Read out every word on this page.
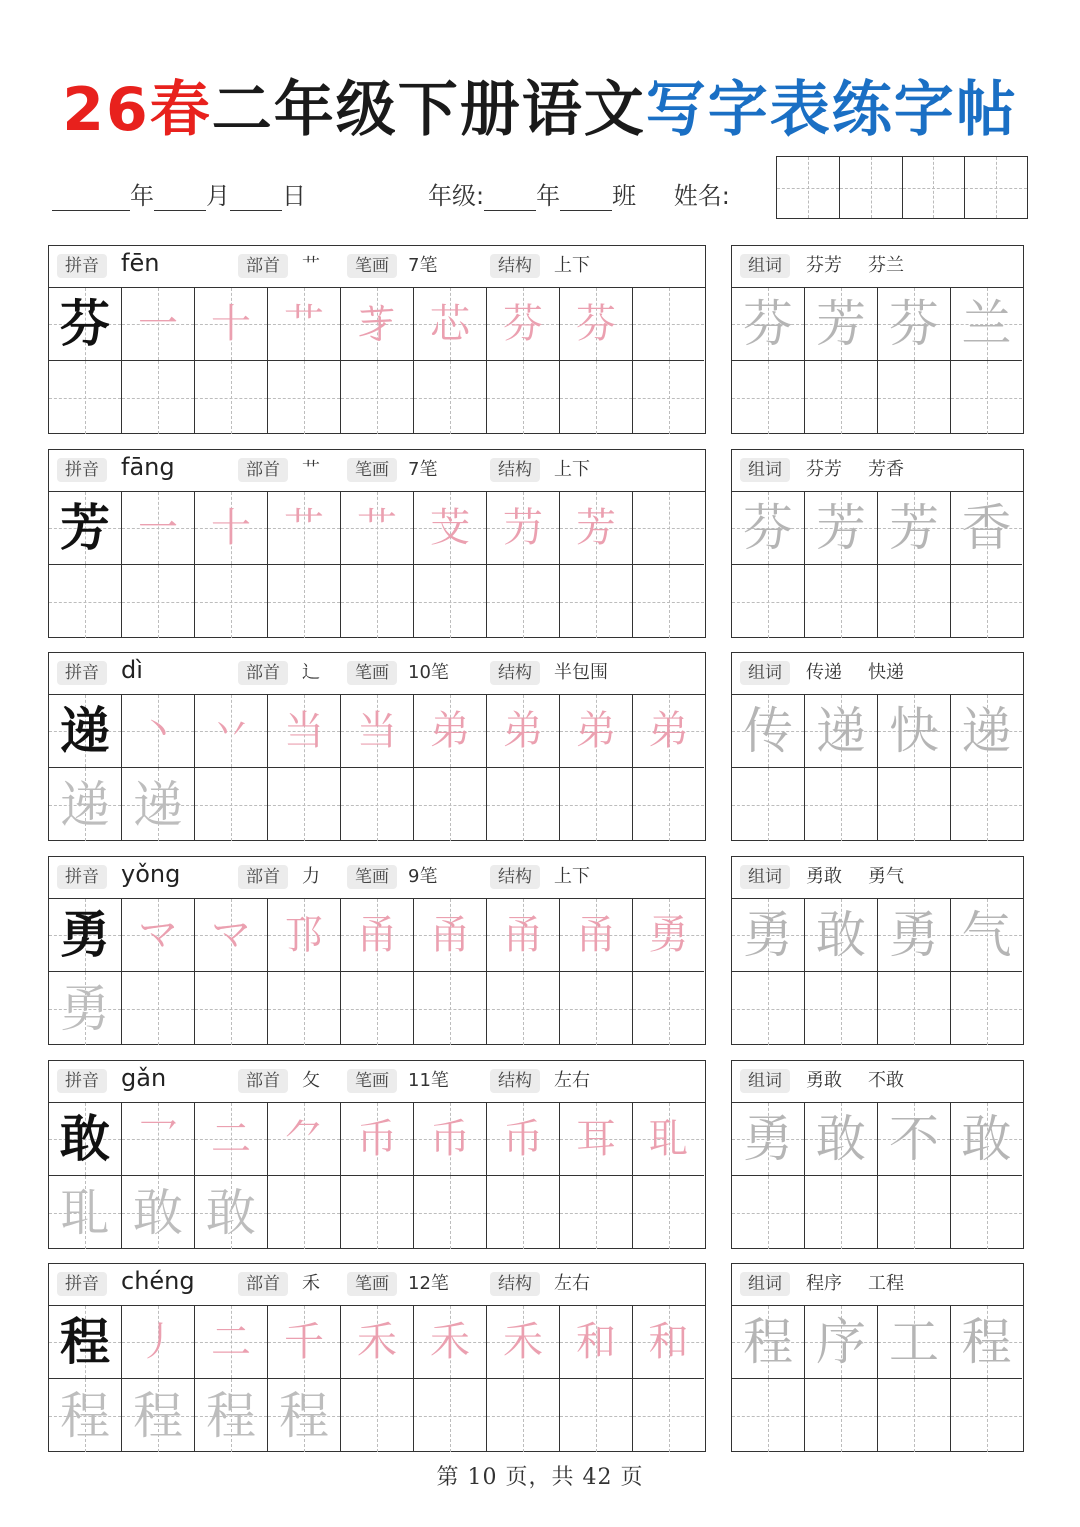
26春二年级下册语文写字表练字帖
年 月 日	年级: 年 班 姓名:
拼音 fēn	部首	艹	笔画	7笔	结构	上下
芬 一 十 艹 𦬁 芯 芬 芬
组词	芬芳 芬兰
芬 芳 芬 兰
拼音 fāng	部首	艹	笔画	7笔	结构	上下
芳 一 十 艹 艹 芠 芀 芳
组词	芬芳 芳香
芬 芳 芳 香
拼音 dì	部首	辶	笔画	10笔	结构	半包围
递 丶 丷 当 当 弟 弟 弟 弟
递 递
组词	传递 快递
传 递 快 递
拼音 yǒng	部首	力	笔画	9笔	结构	上下
勇 マ マ 邒 甬 甬 甬 甬 勇
勇
组词	勇敢 勇气
勇 敢 勇 气
拼音 gǎn	部首	攵	笔画	11笔	结构	左右
敢 乛 二 ⺈ 币 币 币 耳 耴
耴 敢 敢
组词	勇敢 不敢
勇 敢 不 敢
拼音 chéng	部首	禾	笔画	12笔	结构	左右
程 丿 二 千 禾 禾 禾 和 和
程 程 程 程
组词	程序 工程
程 序 工 程
第 10 页，共 42 页
